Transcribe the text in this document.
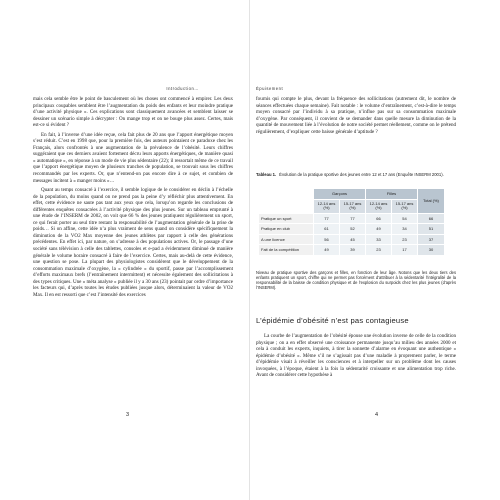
Introduction…

mais cela semble être le point de basculement où les choses ont commencé à empirer. Les deux principaux coupables semblent être l’augmentation du poids des enfants et leur moindre pratique d’une activité physique ». Ces explications sont classiquement avancées et semblent laisser se dessiner un scénario simple à décrypter : On mange trop et on ne bouge plus assez. Certes, mais est-ce si évident ?

En fait, à l’inverse d’une idée reçue, cela fait plus de 20 ans que l’apport énergétique moyen s’est réduit. C’est en 1998 que, pour la première fois, des auteurs pointaient ce paradoxe chez les Français, alors confrontés à une augmentation de la prévalence de l’obésité. Leurs chiffres suggéraient que ces derniers avaient fortement décru leurs apports énergétiques, de manière quasi « automatique », en réponse à un mode de vie plus sédentaire (22); il ressortait même de ce travail que l’apport énergétique moyen de plusieurs tranches de population, se trouvait sous les chiffres recommandés par les experts. Or, que n’entend-on pas encore dire à ce sujet, et combien de messages incitent à « manger moins »…

Quant au temps consacré à l’exercice, il semble logique de le considérer en déclin à l’échelle de la population, du moins quand on ne prend pas la peine d’y réfléchir plus attentivement. En effet, cette évidence ne saute pas tant aux yeux que cela, lorsqu’on regarde les conclusions de différentes enquêtes consacrées à l’activité physique des plus jeunes. Sur un tableau emprunté à une étude de l’INSERM de 2002, on voit que 66 % des jeunes pratiquent régulièrement un sport, ce qui ferait porter au seul titre restant la responsabilité de l’augmentation générale de la prise de poids… Si on affine, cette idée n’a plus vraiment de sens quand on considère spécifiquement la diminution de la VO2 Max moyenne des jeunes athlètes par rapport à celle des générations précédentes. En effet ici, par nature, on s’adresse à des populations actives. Or, le passage d’une société sans télévision à celle des tablettes, consoles et e-pad a évidemment diminué de manière générale le volume horaire consacré à faire de l’exercice. Certes, mais au-delà de cette évidence, une question se pose. La plupart des physiologistes considèrent que le développement de la consommation maximale d’oxygène, la « cylindrée » du sportif, passe par l’accomplissement d’efforts maximaux brefs (l’entraînement intermittent) et nécessite également des sollicitations à des types critiques. Une « méta analyse » publiée il y a 30 ans (23) pointait par ordre d’importance les facteurs qui, d’après toutes les études publiées jusque alors, déterminaient la valeur de VO2 Max. Il en est ressorti que c’est l’intensité des exercices

3
Épuisement

fournis qui compte le plus, devant la fréquence des sollicitations (autrement dit, le nombre de séances effectuées chaque semaine). Fait notable : le volume d’entraînement, c’est-à-dire le temps moyen consacré par l’individu à sa pratique, n’influe pas sur sa consommation maximale d’oxygène. Par conséquent, il convient de se demander dans quelle mesure la diminution de la quantité de mouvement liée à l’évolution de notre société permet réellement, comme on le prétend régulièrement, d’expliquer cette baisse générale d’aptitude ?

Tableau 1. Évolution de la pratique sportive des jeunes entre 12 et 17 ans (Enquête INSERM 2001).
	Garçons		Filles		Total (%)
	12-14 ans (%)	15-17 ans (%)	12-14 ans (%)	15-17 ans (%)	
Pratique un sport	77	77	66	54	66
Pratique en club	61	52	49	34	51
A une licence	56	45	33	23	37
Fait de la compétition	49	39	23	17	30
Niveau de pratique sportive des garçons et filles, en fonction de leur âge. Notons que les deux tiers des enfants pratiquent un sport, chiffre qui ne permet pas forcément d’attribuer à la sédentarité l’intégralité de la responsabilité de la baisse de condition physique et de l’explosion du surpoids chez les plus jeunes (d’après l’INSERM).
L’épidémie d’obésité n’est pas contagieuse

La courbe de l’augmentation de l’obésité épouse une évolution inverse de celle de la condition physique ; on a en effet observé une croissance permanente jusqu’au milieu des années 2000 et cela à conduit les experts, inquiets, à tirer la sonnette d’alarme en évoquant une authentique « épidémie d’obésité ». Même s’il ne s’agissait pas d’une maladie à proprement parler, le terme d’épidémie visait à réveiller les consciences et à interpeller sur un problème dont les causes invoquées, à l’époque, étaient à la fois la sédentarité croissante et une alimentation trop riche. Avant de considérer cette hypothèse à

4
